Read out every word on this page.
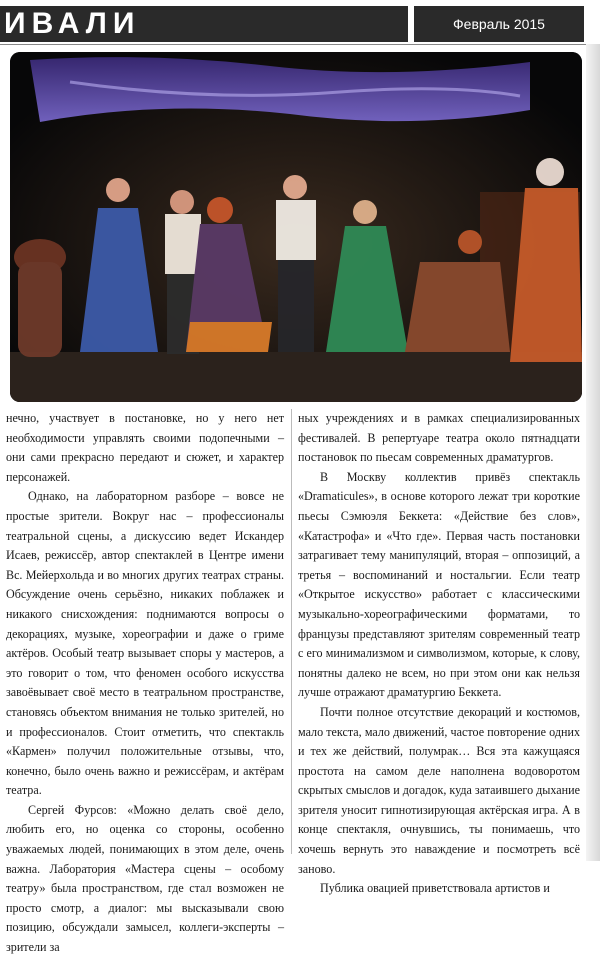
ИВАЛИ	Февраль 2015

нечно, участвует в постановке, но у него нет необходимости управлять своими подопечными – они сами прекрасно передают и сюжет, и характер персонажей.

Однако, на лабораторном разборе – вовсе не простые зрители. Вокруг нас – профессионалы театральной сцены, а дискуссию ведет Искандер Исаев, режиссёр, автор спектаклей в Центре имени Вс. Мейерхольда и во многих других театрах страны. Обсуждение очень серьёзно, никаких поблажек и никакого снисхождения: поднимаются вопросы о декорациях, музыке, хореографии и даже о гриме актёров. Особый театр вызывает споры у мастеров, а это говорит о том, что феномен особого искусства завоёвывает своё место в театральном пространстве, становясь объектом внимания не только зрителей, но и профессионалов. Стоит отметить, что спектакль «Кармен» получил положительные отзывы, что, конечно, было очень важно и режиссёрам, и актёрам театра.

Сергей Фурсов: «Можно делать своё дело, любить его, но оценка со стороны, особенно уважаемых людей, понимающих в этом деле, очень важна. Лаборатория «Мастера сцены – особому театру» была пространством, где стал возможен не просто смотр, а диалог: мы высказывали свою позицию, обсуждали замысел, коллеги-эксперты – зрители за

ных учреждениях и в рамках специализированных фестивалей. В репертуаре театра около пятнадцати постановок по пьесам современных драматургов.

В Москву коллектив привёз спектакль «Dramaticules», в основе которого лежат три короткие пьесы Сэмюэля Беккета: «Действие без слов», «Катастрофа» и «Что где». Первая часть постановки затрагивает тему манипуляций, вторая – оппозиций, а третья – воспоминаний и ностальгии. Если театр «Открытое искусство» работает с классическими музыкально-хореографическими форматами, то французы представляют зрителям современный театр с его минимализмом и символизмом, которые, к слову, понятны далеко не всем, но при этом они как нельзя лучше отражают драматургию Беккета.

Почти полное отсутствие декораций и костюмов, мало текста, мало движений, частое повторение одних и тех же действий, полумрак… Вся эта кажущаяся простота на самом деле наполнена водоворотом скрытых смыслов и догадок, куда затаившего дыхание зрителя уносит гипнотизирующая актёрская игра. А в конце спектакля, очнувшись, ты понимаешь, что хочешь вернуть это наваждение и посмотреть всё заново.

Публика овацией приветствовала артистов и
